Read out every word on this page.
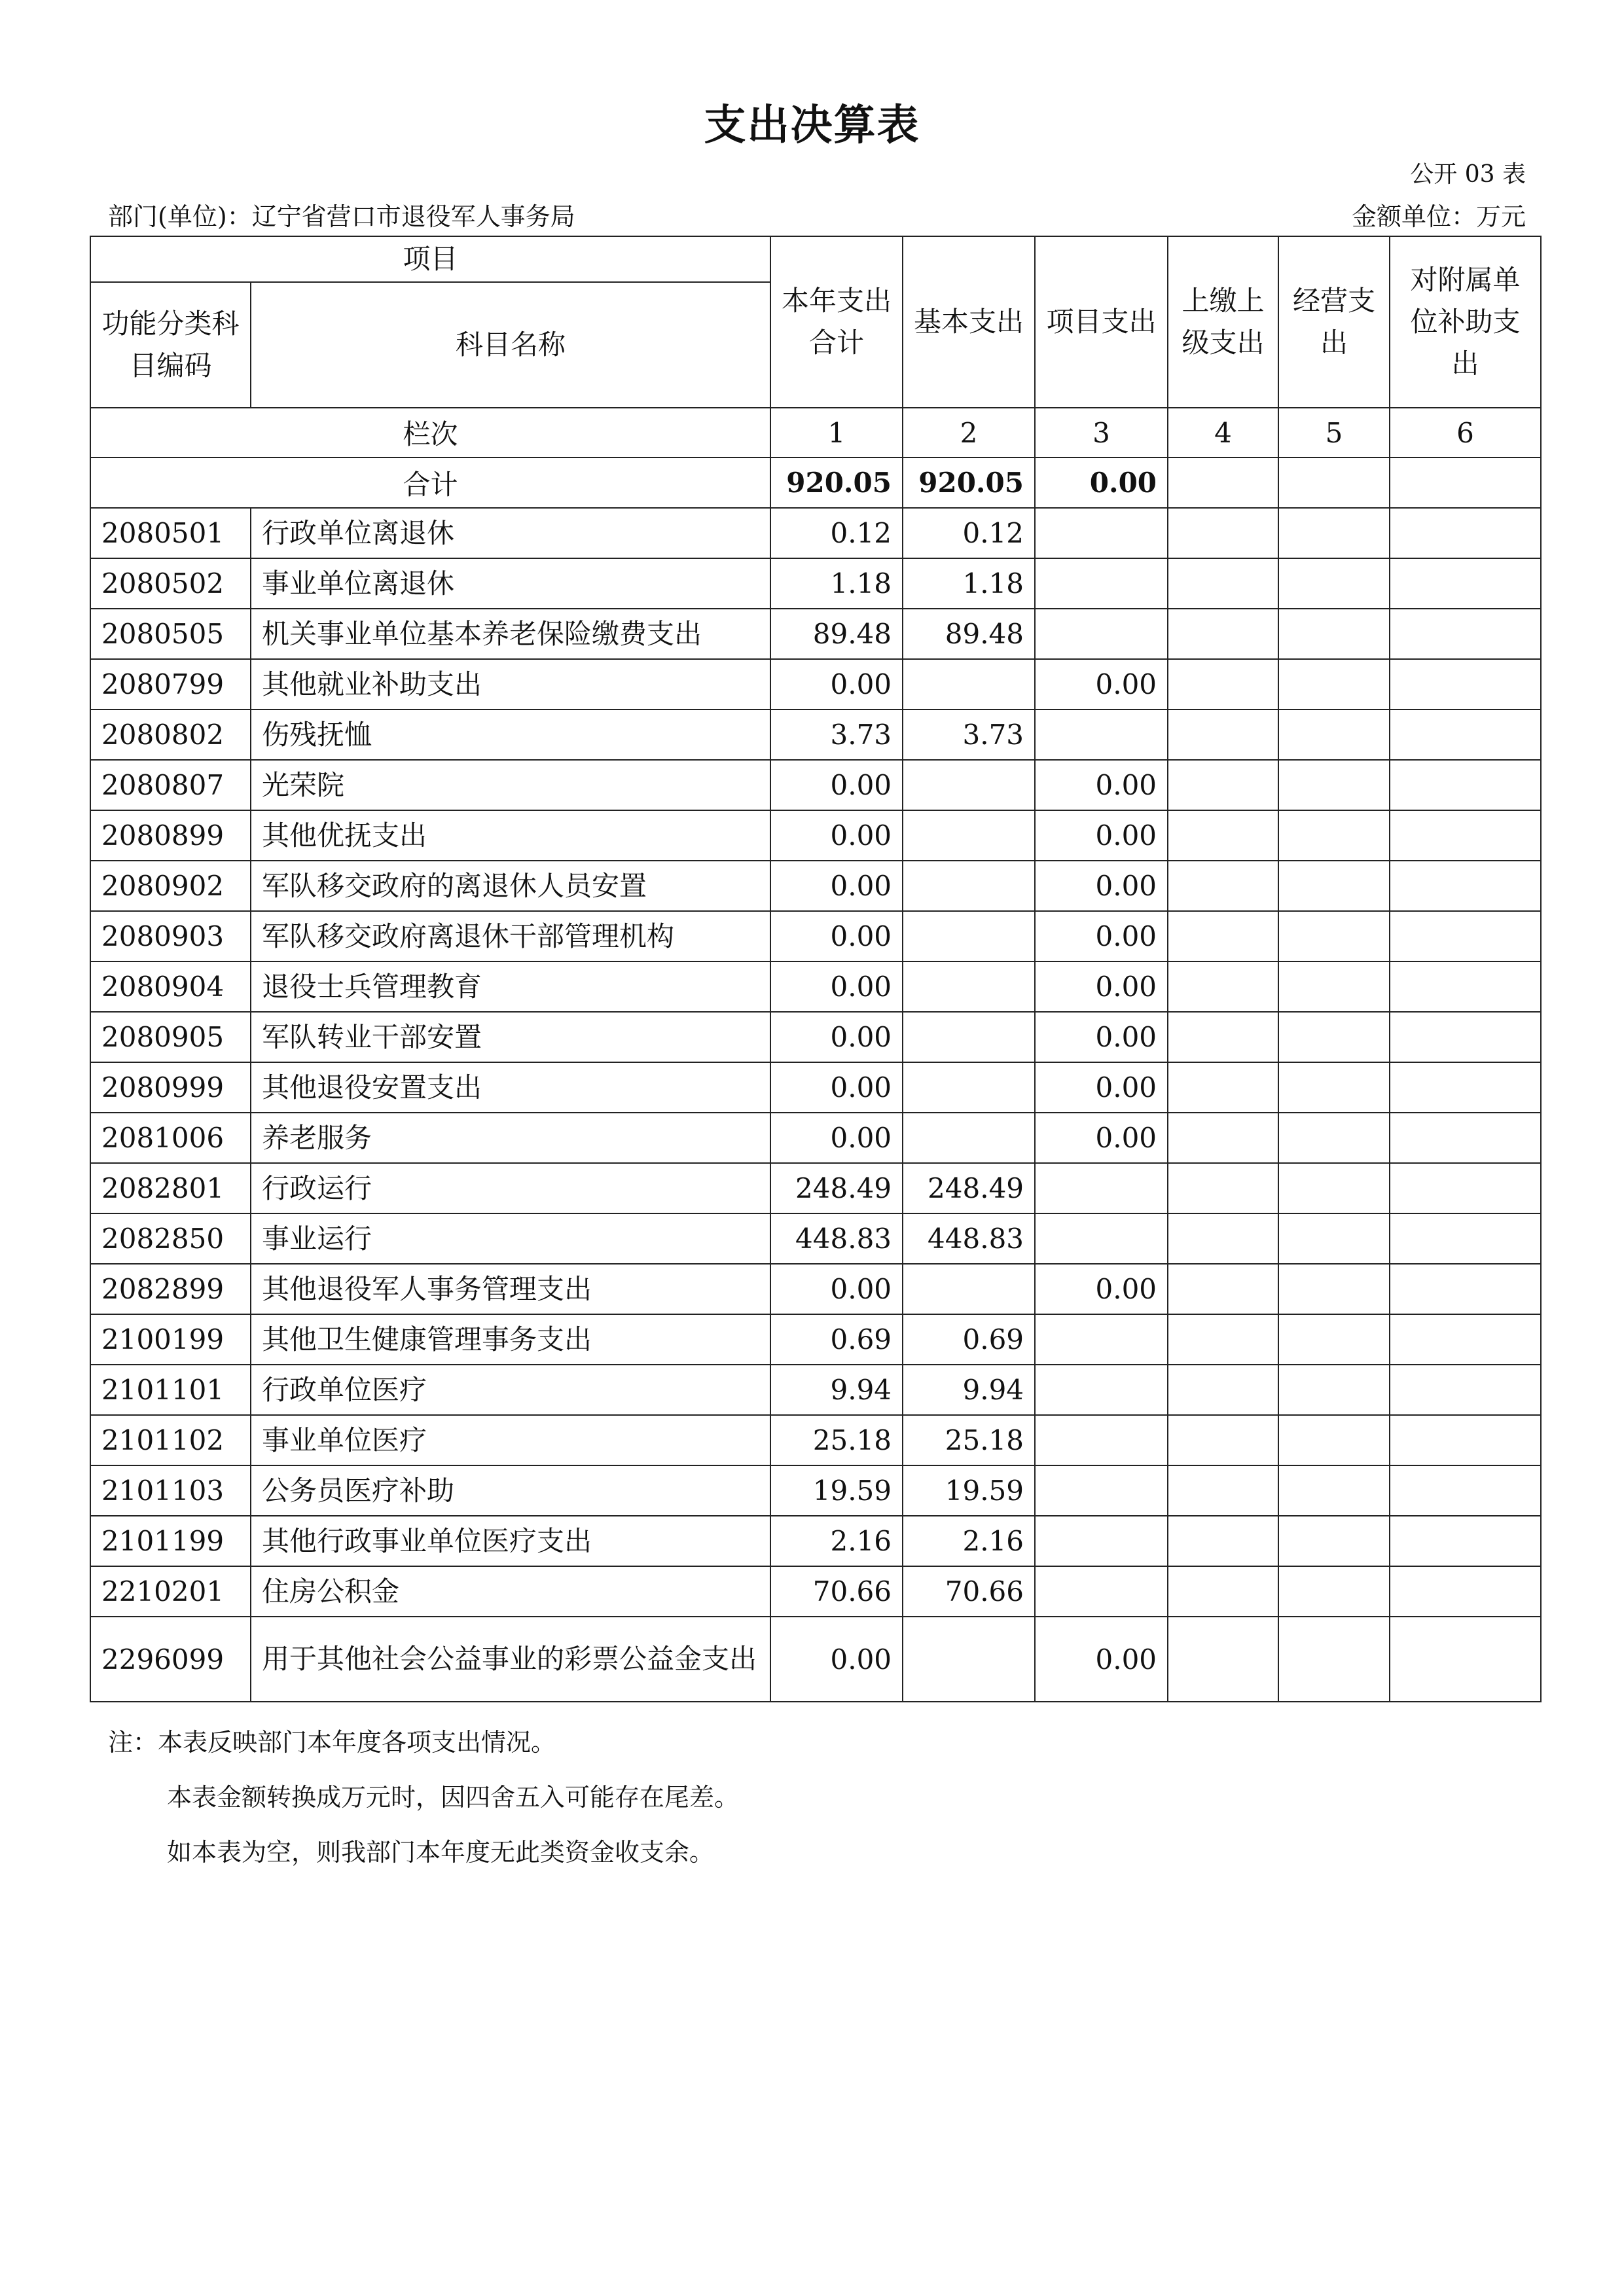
支出决算表
公开 03 表
部门(单位)：辽宁省营口市退役军人事务局	金额单位：万元
项目		本年支出合计	基本支出	项目支出	上缴上级支出	经营支出	对附属单位补助支出
功能分类科目编码	科目名称						
栏次		1	2	3	4	5	6
合计		920.05	920.05	0.00			
2080501	行政单位离退休	0.12	0.12				
2080502	事业单位离退休	1.18	1.18				
2080505	机关事业单位基本养老保险缴费支出	89.48	89.48				
2080799	其他就业补助支出	0.00		0.00			
2080802	伤残抚恤	3.73	3.73				
2080807	光荣院	0.00		0.00			
2080899	其他优抚支出	0.00		0.00			
2080902	军队移交政府的离退休人员安置	0.00		0.00			
2080903	军队移交政府离退休干部管理机构	0.00		0.00			
2080904	退役士兵管理教育	0.00		0.00			
2080905	军队转业干部安置	0.00		0.00			
2080999	其他退役安置支出	0.00		0.00			
2081006	养老服务	0.00		0.00			
2082801	行政运行	248.49	248.49				
2082850	事业运行	448.83	448.83				
2082899	其他退役军人事务管理支出	0.00		0.00			
2100199	其他卫生健康管理事务支出	0.69	0.69				
2101101	行政单位医疗	9.94	9.94				
2101102	事业单位医疗	25.18	25.18				
2101103	公务员医疗补助	19.59	19.59				
2101199	其他行政事业单位医疗支出	2.16	2.16				
2210201	住房公积金	70.66	70.66				
2296099	用于其他社会公益事业的彩票公益金支出	0.00		0.00			
注：本表反映部门本年度各项支出情况。
本表金额转换成万元时，因四舍五入可能存在尾差。
如本表为空，则我部门本年度无此类资金收支余。
